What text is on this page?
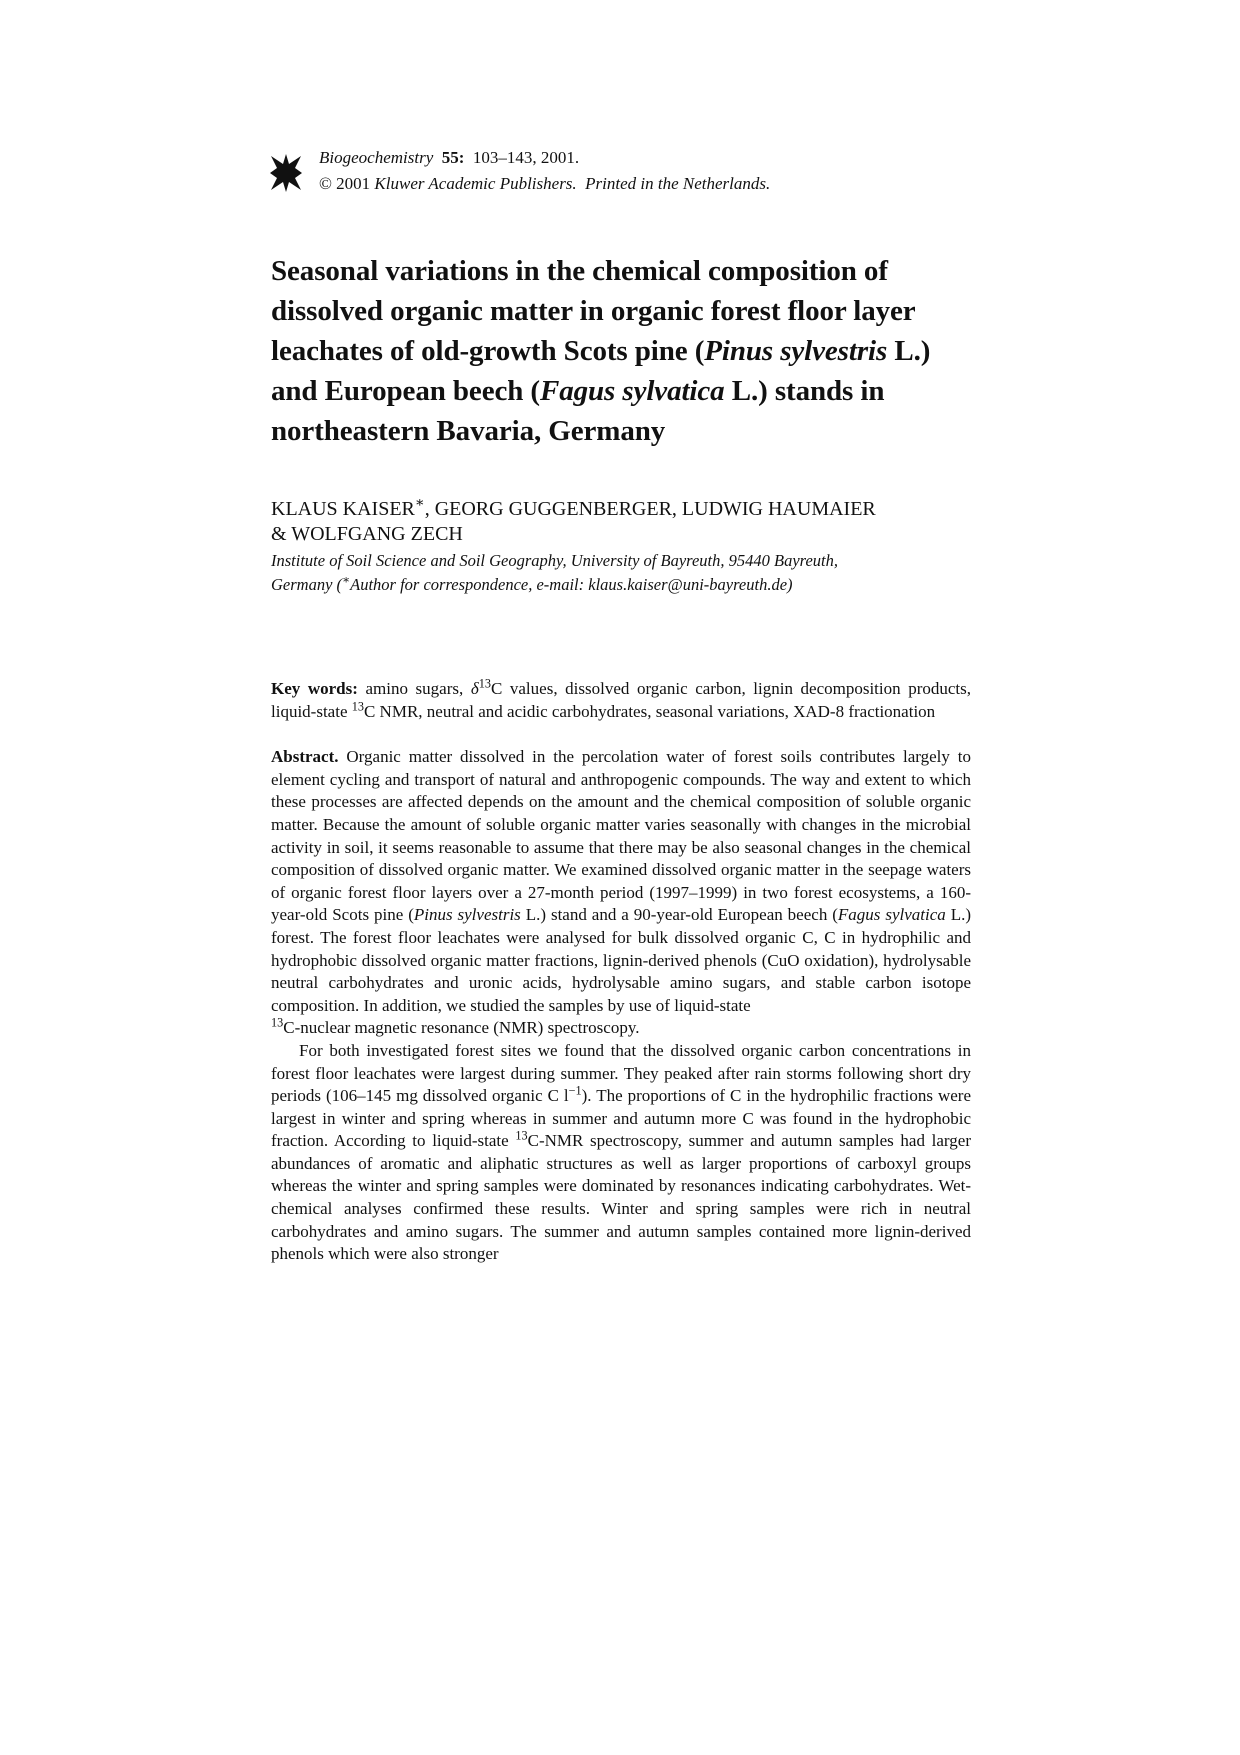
Biogeochemistry 55: 103–143, 2001.
© 2001 Kluwer Academic Publishers. Printed in the Netherlands.
Seasonal variations in the chemical composition of dissolved organic matter in organic forest floor layer leachates of old-growth Scots pine (Pinus sylvestris L.) and European beech (Fagus sylvatica L.) stands in northeastern Bavaria, Germany
KLAUS KAISER∗, GEORG GUGGENBERGER, LUDWIG HAUMAIER
& WOLFGANG ZECH
Institute of Soil Science and Soil Geography, University of Bayreuth, 95440 Bayreuth,
Germany (∗Author for correspondence, e-mail: klaus.kaiser@uni-bayreuth.de)
Key words: amino sugars, $\delta^{13}C$ values, dissolved organic carbon, lignin decomposition products, liquid-state $^{13}$C NMR, neutral and acidic carbohydrates, seasonal variations, XAD-8 fractionation

Abstract. Organic matter dissolved in the percolation water of forest soils contributes largely to element cycling and transport of natural and anthropogenic compounds. The way and extent to which these processes are affected depends on the amount and the chemical composition of soluble organic matter. Because the amount of soluble organic matter varies seasonally with changes in the microbial activity in soil, it seems reasonable to assume that there may be also seasonal changes in the chemical composition of dissolved organic matter. We examined dissolved organic matter in the seepage waters of organic forest floor layers over a 27-month period (1997–1999) in two forest ecosystems, a 160-year-old Scots pine (Pinus sylvestris L.) stand and a 90-year-old European beech (Fagus sylvatica L.) forest. The forest floor leachates were analysed for bulk dissolved organic C, C in hydrophilic and hydrophobic dissolved organic matter fractions, lignin-derived phenols (CuO oxidation), hydrolysable neutral carbohydrates and uronic acids, hydrolysable amino sugars, and stable carbon isotope composition. In addition, we studied the samples by use of liquid-state
$^{13}$C-nuclear magnetic resonance (NMR) spectroscopy.

For both investigated forest sites we found that the dissolved organic carbon concentrations in forest floor leachates were largest during summer. They peaked after rain storms following short dry periods (106–145 mg dissolved organic C $l^{-1}$). The proportions of C in the hydrophilic fractions were largest in winter and spring whereas in summer and autumn more C was found in the hydrophobic fraction. According to liquid-state $^{13}$C-NMR spectroscopy, summer and autumn samples had larger abundances of aromatic and aliphatic structures as well as larger proportions of carboxyl groups whereas the winter and spring samples were dominated by resonances indicating carbohydrates. Wet-chemical analyses confirmed these results. Winter and spring samples were rich in neutral carbohydrates and amino sugars. The summer and autumn samples contained more lignin-derived phenols which were also stronger
